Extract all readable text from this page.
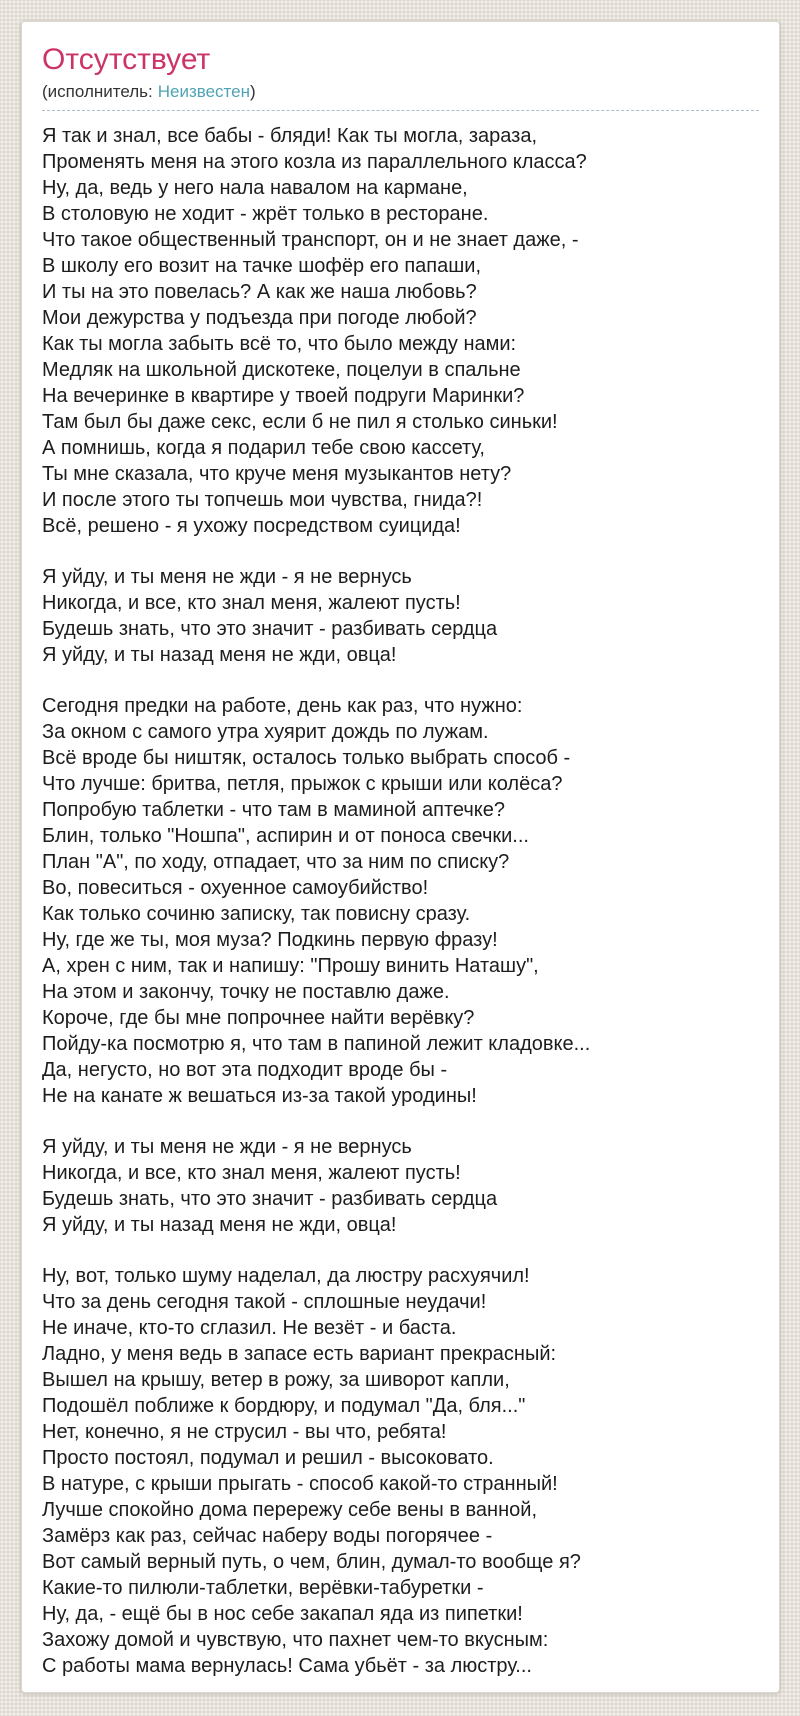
Отсутствует
(исполнитель: Неизвестен)

Я так и знал, все бабы - бляди! Как ты могла, зараза,
Променять меня на этого козла из параллельного класса?
Ну, да, ведь у него нала навалом на кармане,
В столовую не ходит - жрёт только в ресторане.
Что такое общественный транспорт, он и не знает даже, -
В школу его возит на тачке шофёр его папаши,
И ты на это повелась? А как же наша любовь?
Мои дежурства у подъезда при погоде любой?
Как ты могла забыть всё то, что было между нами:
Медляк на школьной дискотеке, поцелуи в спальне
На вечеринке в квартире у твоей подруги Маринки?
Там был бы даже секс, если б не пил я столько синьки!
А помнишь, когда я подарил тебе свою кассету,
Ты мне сказала, что круче меня музыкантов нету?
И после этого ты топчешь мои чувства, гнида?!
Всё, решено - я ухожу посредством суицида!

Я уйду, и ты меня не жди - я не вернусь
Никогда, и все, кто знал меня, жалеют пусть!
Будешь знать, что это значит - разбивать сердца
Я уйду, и ты назад меня не жди, овца!

Сегодня предки на работе, день как раз, что нужно:
За окном с самого утра хуярит дождь по лужам.
Всё вроде бы ништяк, осталось только выбрать способ -
Что лучше: бритва, петля, прыжок с крыши или колёса?
Попробую таблетки - что там в маминой аптечке?
Блин, только "Ношпа", аспирин и от поноса свечки...
План "А", по ходу, отпадает, что за ним по списку?
Во, повеситься - охуенное самоубийство!
Как только сочиню записку, так повисну сразу.
Ну, где же ты, моя муза? Подкинь первую фразу!
А, хрен с ним, так и напишу: "Прошу винить Наташу",
На этом и закончу, точку не поставлю даже.
Короче, где бы мне попрочнее найти верёвку?
Пойду-ка посмотрю я, что там в папиной лежит кладовке...
Да, негусто, но вот эта подходит вроде бы -
Не на канате ж вешаться из-за такой уродины!

Я уйду, и ты меня не жди - я не вернусь
Никогда, и все, кто знал меня, жалеют пусть!
Будешь знать, что это значит - разбивать сердца
Я уйду, и ты назад меня не жди, овца!

Ну, вот, только шуму наделал, да люстру расхуячил!
Что за день сегодня такой - сплошные неудачи!
Не иначе, кто-то сглазил. Не везёт - и баста.
Ладно, у меня ведь в запасе есть вариант прекрасный:
Вышел на крышу, ветер в рожу, за шиворот капли,
Подошёл поближе к бордюру, и подумал "Да, бля..."
Нет, конечно, я не струсил - вы что, ребята!
Просто постоял, подумал и решил - высоковато.
В натуре, с крыши прыгать - способ какой-то странный!
Лучше спокойно дома перережу себе вены в ванной,
Замёрз как раз, сейчас наберу воды погорячее -
Вот самый верный путь, о чем, блин, думал-то вообще я?
Какие-то пилюли-таблетки, верёвки-табуретки -
Ну, да, - ещё бы в нос себе закапал яда из пипетки!
Захожу домой и чувствую, что пахнет чем-то вкусным:
С работы мама вернулась! Сама убьёт - за люстру...
